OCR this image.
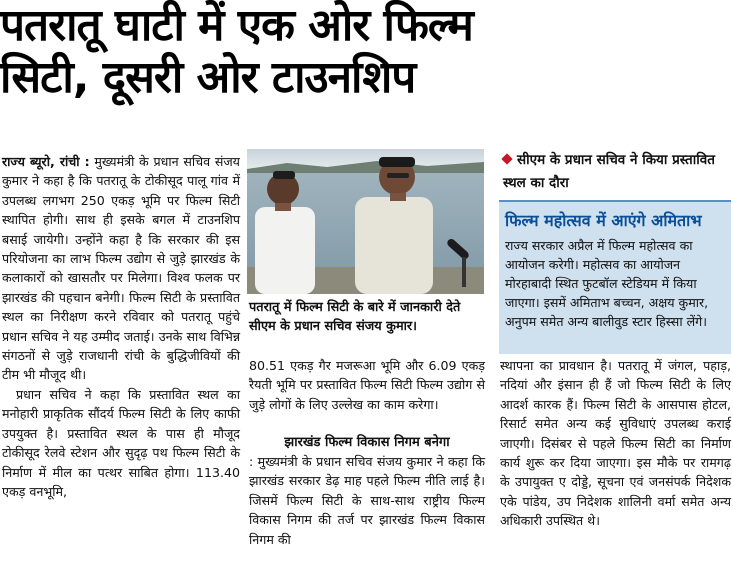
पतरातू घाटी में एक ओर फिल्म
सिटी, दूसरी ओर टाउनशिप

राज्य ब्यूरो, रांची : मुख्यमंत्री के प्रधान सचिव संजय कुमार ने कहा है कि पतरातू के टोकीसूद पालू गांव में उपलब्ध लगभग 250 एकड़ भूमि पर फिल्म सिटी स्थापित होगी। साथ ही इसके बगल में टाउनशिप बसाई जायेगी। उन्होंने कहा है कि सरकार की इस परियोजना का लाभ फिल्म उद्योग से जुड़े झारखंड के कलाकारों को खासतौर पर मिलेगा। विश्व फलक पर झारखंड की पहचान बनेगी। फिल्म सिटी के प्रस्तावित स्थल का निरीक्षण करने रविवार को पतरातू पहुंचे प्रधान सचिव ने यह उम्मीद जताई। उनके साथ विभिन्न संगठनों से जुड़े राजधानी रांची के बुद्धिजीवियों की टीम भी मौजूद थी।

प्रधान सचिव ने कहा कि प्रस्तावित स्थल का मनोहारी प्राकृतिक सौंदर्य फिल्म सिटी के लिए काफी उपयुक्त है। प्रस्तावित स्थल के पास ही मौजूद टोकीसूद रेलवे स्टेशन और सुदृढ़ पथ फिल्म सिटी के निर्माण में मील का पत्थर साबित होगा। 113.40 एकड़ वनभूमि,

पतरातू में फिल्म सिटी के बारे में जानकारी देते सीएम के प्रधान सचिव संजय कुमार।

80.51 एकड़ गैर मजरूआ भूमि और 6.09 एकड़ रैयती भूमि पर प्रस्तावित फिल्म सिटी फिल्म उद्योग से जुड़े लोगों के लिए उल्लेख का काम करेगा।

झारखंड फिल्म विकास निगम बनेगा

: मुख्यमंत्री के प्रधान सचिव संजय कुमार ने कहा कि झारखंड सरकार डेढ़ माह पहले फिल्म नीति लाई है। जिसमें फिल्म सिटी के साथ-साथ राष्ट्रीय फिल्म विकास निगम की तर्ज पर झारखंड फिल्म विकास निगम की

सीएम के प्रधान सचिव ने किया प्रस्तावित स्थल का दौरा
फिल्म महोत्सव में आएंगे अमिताभ
राज्य सरकार अप्रैल में फिल्म महोत्सव का आयोजन करेगी। महोत्सव का आयोजन मोरहाबादी स्थित फुटबॉल स्टेडियम में किया जाएगा। इसमें अमिताभ बच्चन, अक्षय कुमार, अनुपम समेत अन्य बालीवुड स्टार हिस्सा लेंगे।

स्थापना का प्रावधान है। पतरातू में जंगल, पहाड़, नदियां और इंसान ही हैं जो फिल्म सिटी के लिए आदर्श कारक हैं। फिल्म सिटी के आसपास होटल, रिसार्ट समेत अन्य कई सुविधाएं उपलब्ध कराई जाएगी। दिसंबर से पहले फिल्म सिटी का निर्माण कार्य शुरू कर दिया जाएगा। इस मौके पर रामगढ़ के उपायुक्त ए दोड्डे, सूचना एवं जनसंपर्क निदेशक एके पांडेय, उप निदेशक शालिनी वर्मा समेत अन्य अधिकारी उपस्थित थे।
